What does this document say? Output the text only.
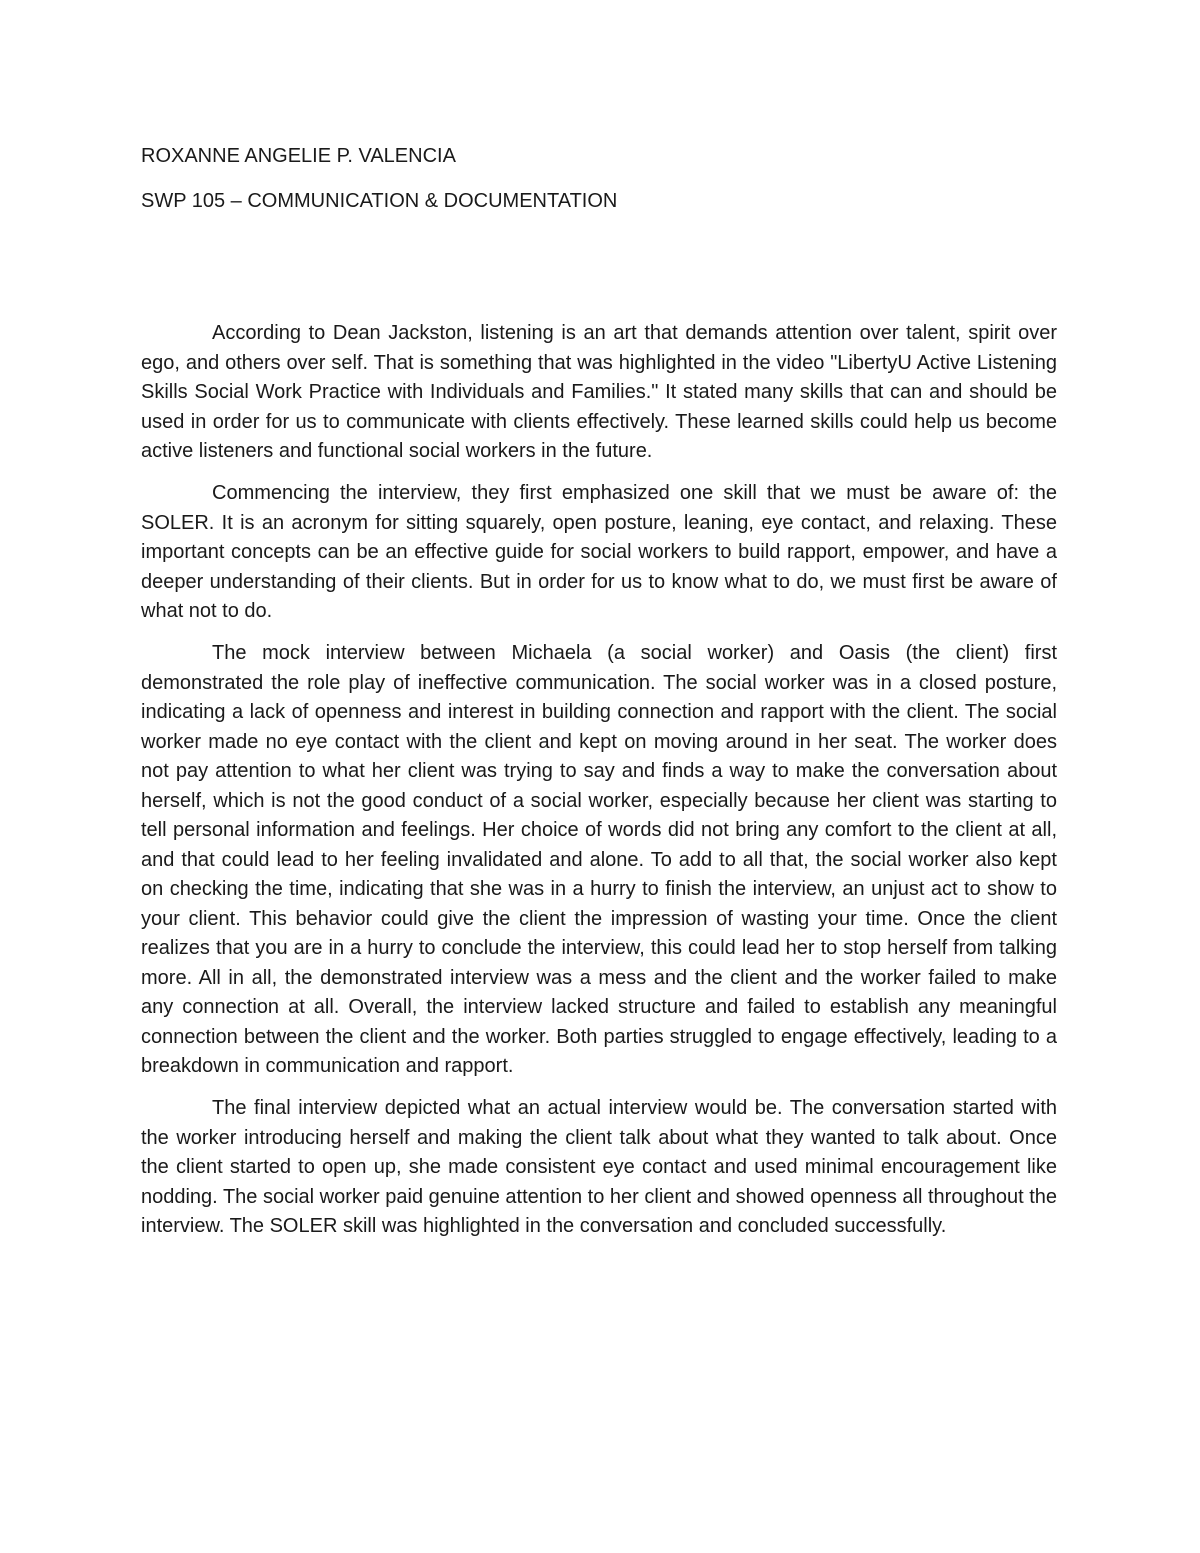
ROXANNE ANGELIE P. VALENCIA

SWP 105 – COMMUNICATION & DOCUMENTATION

According to Dean Jackston, listening is an art that demands attention over talent, spirit over ego, and others over self. That is something that was highlighted in the video "LibertyU Active Listening Skills Social Work Practice with Individuals and Families." It stated many skills that can and should be used in order for us to communicate with clients effectively. These learned skills could help us become active listeners and functional social workers in the future.

Commencing the interview, they first emphasized one skill that we must be aware of: the SOLER. It is an acronym for sitting squarely, open posture, leaning, eye contact, and relaxing. These important concepts can be an effective guide for social workers to build rapport, empower, and have a deeper understanding of their clients. But in order for us to know what to do, we must first be aware of what not to do.

The mock interview between Michaela (a social worker) and Oasis (the client) first demonstrated the role play of ineffective communication. The social worker was in a closed posture, indicating a lack of openness and interest in building connection and rapport with the client. The social worker made no eye contact with the client and kept on moving around in her seat. The worker does not pay attention to what her client was trying to say and finds a way to make the conversation about herself, which is not the good conduct of a social worker, especially because her client was starting to tell personal information and feelings. Her choice of words did not bring any comfort to the client at all, and that could lead to her feeling invalidated and alone. To add to all that, the social worker also kept on checking the time, indicating that she was in a hurry to finish the interview, an unjust act to show to your client. This behavior could give the client the impression of wasting your time. Once the client realizes that you are in a hurry to conclude the interview, this could lead her to stop herself from talking more. All in all, the demonstrated interview was a mess and the client and the worker failed to make any connection at all. Overall, the interview lacked structure and failed to establish any meaningful connection between the client and the worker. Both parties struggled to engage effectively, leading to a breakdown in communication and rapport.

The final interview depicted what an actual interview would be. The conversation started with the worker introducing herself and making the client talk about what they wanted to talk about. Once the client started to open up, she made consistent eye contact and used minimal encouragement like nodding. The social worker paid genuine attention to her client and showed openness all throughout the interview. The SOLER skill was highlighted in the conversation and concluded successfully.
